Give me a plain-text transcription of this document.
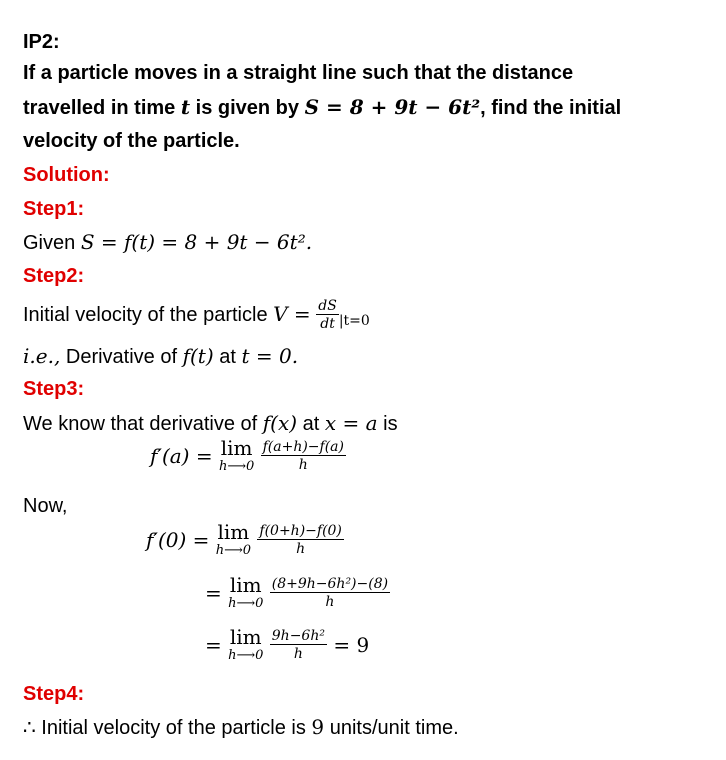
IP2:
If a particle moves in a straight line such that the distance
travelled in time t is given by S = 8 + 9t − 6t², find the initial
velocity of the particle.
Solution:
Step1:
Given S = f(t) = 8 + 9t − 6t².
Step2:
Initial velocity of the particle $V = \frac{dS}{dt} _{|t=0}$
i.e., Derivative of f(t) at t = 0.
Step3:
We know that derivative of f(x) at x = a is
f′(a) = lim
h⟶0
$\frac{f(a+h)-f(a)}{h}$
Now,
f′(0) = lim
h⟶0
$\frac{f(0+h)-f(0)}{h}$
= lim
h⟶0
$\frac{\text{(8+9h−6h²)−(8)}}{h}$
= lim
h⟶0
$\frac{\text{9h−6h²}}{h} = 9$
Step4:
∴ Initial velocity of the particle is 9 units/unit time.
